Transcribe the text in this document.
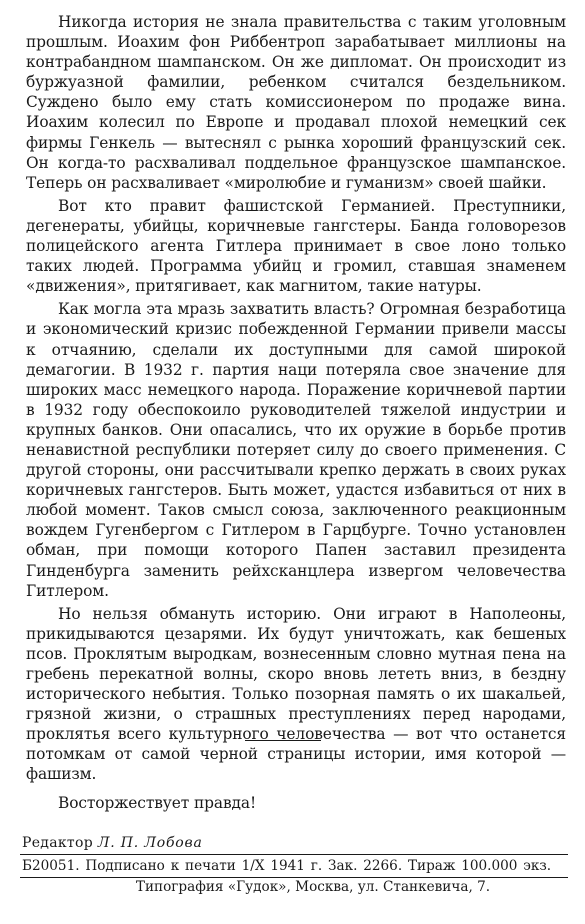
Никогда история не знала правительства с таким уголовным прошлым. Иоахим фон Риббентроп зарабатывает миллионы на контрабандном шампанском. Он же дипломат. Он происходит из буржуазной фамилии, ребенком считался бездельником. Суждено было ему стать комиссионером по продаже вина. Иоахим колесил по Европе и продавал плохой немецкий сек фирмы Генкель — вытеснял с рынка хороший французский сек. Он когда-то расхваливал поддельное французское шампанское. Теперь он расхваливает «миролюбие и гуманизм» своей шайки.

Вот кто правит фашистской Германией. Преступники, дегенераты, убийцы, коричневые гангстеры. Банда головорезов полицейского агента Гитлера принимает в свое лоно только таких людей. Программа убийц и громил, ставшая знаменем «движения», притягивает, как магнитом, такие натуры.

Как могла эта мразь захватить власть? Огромная безработица и экономический кризис побежденной Германии привели массы к отчаянию, сделали их доступными для самой широкой демагогии. В 1932 г. партия наци потеряла свое значение для широких масс немецкого народа. Поражение коричневой партии в 1932 году обеспокоило руководителей тяжелой индустрии и крупных банков. Они опасались, что их оружие в борьбе против ненавистной республики потеряет силу до своего применения. С другой стороны, они рассчитывали крепко держать в своих руках коричневых гангстеров. Быть может, удастся избавиться от них в любой момент. Таков смысл союза, заключенного реакционным вождем Гугенбергом с Гитлером в Гарцбурге. Точно установлен обман, при помощи которого Папен заставил президента Гинденбурга заменить рейхсканцлера извергом человечества Гитлером.

Но нельзя обмануть историю. Они играют в Наполеоны, прикидываются цезарями. Их будут уничтожать, как бешеных псов. Проклятым выродкам, вознесенным словно мутная пена на гребень перекатной волны, скоро вновь лететь вниз, в бездну исторического небытия. Только позорная память о их шакальей, грязной жизни, о страшных преступлениях перед народами, проклятья всего культурного человечества — вот что останется потомкам от самой черной страницы истории, имя которой — фашизм.

Восторжествует правда!

Редактор Л. П. Лобова
Б20051. Подписано к печати 1/X 1941 г. Зак. 2266. Тираж 100.000 экз.
Типография «Гудок», Москва, ул. Станкевича, 7.
